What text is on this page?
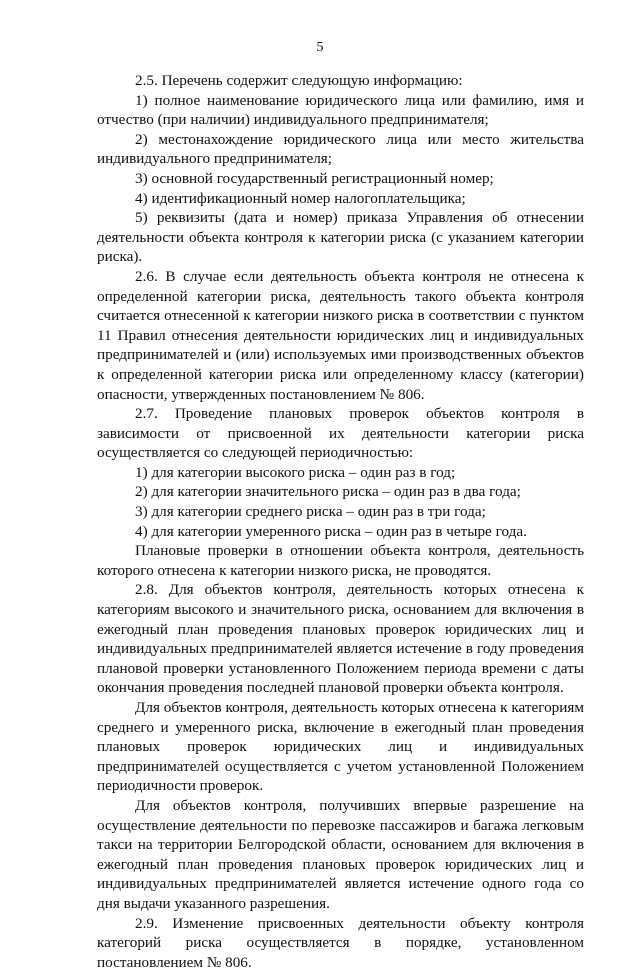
5

2.5. Перечень содержит следующую информацию:

1) полное наименование юридического лица или фамилию, имя и отчество (при наличии) индивидуального предпринимателя;

2) местонахождение юридического лица или место жительства индивидуального предпринимателя;

3) основной государственный регистрационный номер;

4) идентификационный номер налогоплательщика;

5) реквизиты (дата и номер) приказа Управления об отнесении деятельности объекта контроля к категории риска (с указанием категории риска).

2.6. В случае если деятельность объекта контроля не отнесена к определенной категории риска, деятельность такого объекта контроля считается отнесенной к категории низкого риска в соответствии с пунктом 11 Правил отнесения деятельности юридических лиц и индивидуальных предпринимателей и (или) используемых ими производственных объектов к определенной категории риска или определенному классу (категории) опасности, утвержденных постановлением № 806.

2.7. Проведение плановых проверок объектов контроля в зависимости от присвоенной их деятельности категории риска осуществляется со следующей периодичностью:

1) для категории высокого риска – один раз в год;

2) для категории значительного риска – один раз в два года;

3) для категории среднего риска – один раз в три года;

4) для категории умеренного риска – один раз в четыре года.

Плановые проверки в отношении объекта контроля, деятельность которого отнесена к категории низкого риска, не проводятся.

2.8. Для объектов контроля, деятельность которых отнесена к категориям высокого и значительного риска, основанием для включения в ежегодный план проведения плановых проверок юридических лиц и индивидуальных предпринимателей является истечение в году проведения плановой проверки установленного Положением периода времени с даты окончания проведения последней плановой проверки объекта контроля.

Для объектов контроля, деятельность которых отнесена к категориям среднего и умеренного риска, включение в ежегодный план проведения плановых проверок юридических лиц и индивидуальных предпринимателей осуществляется с учетом установленной Положением периодичности проверок.

Для объектов контроля, получивших впервые разрешение на осуществление деятельности по перевозке пассажиров и багажа легковым такси на территории Белгородской области, основанием для включения в ежегодный план проведения плановых проверок юридических лиц и индивидуальных предпринимателей является истечение одного года со дня выдачи указанного разрешения.

2.9. Изменение присвоенных деятельности объекту контроля категорий риска осуществляется в порядке, установленном постановлением № 806.
